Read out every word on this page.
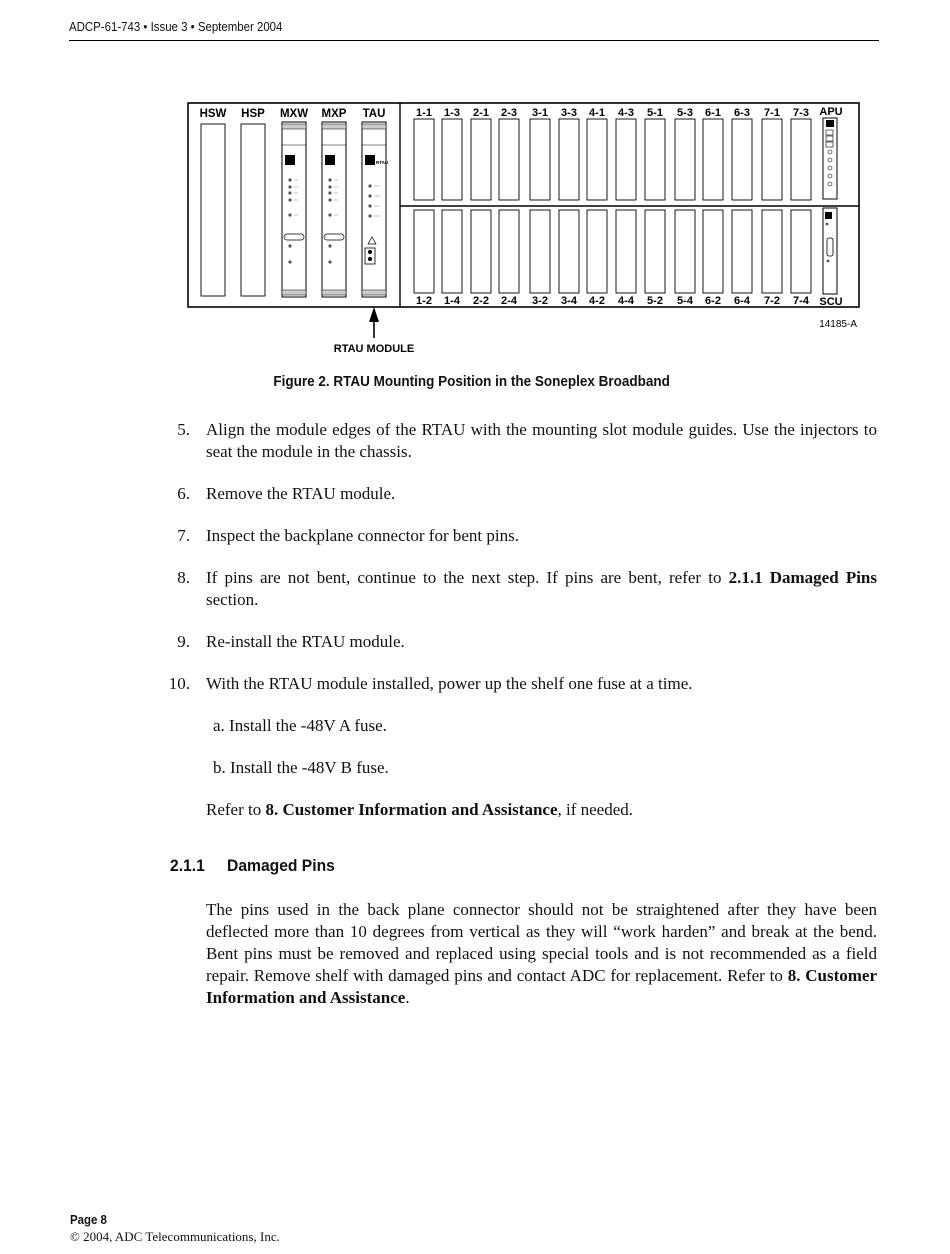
ADCP-61-743 • Issue 3 • September 2004
HSW HSP MXW MXP TAU
RTAU
1-1 1-3 2-1 2-3 3-1 3-3 4-1 4-3 5-1 5-3 6-1 6-3 7-1 7-3
1-2 1-4 2-2 2-4 3-2 3-4 4-2 4-4 5-2 5-4 6-2 6-4 7-2 7-4
APU
SCU
RTAU MODULE
14185-A
Figure 2. RTAU Mounting Position in the Soneplex Broadband
5. Align the module edges of the RTAU with the mounting slot module guides. Use the injectors to seat the module in the chassis.
6. Remove the RTAU module.
7. Inspect the backplane connector for bent pins.
8. If pins are not bent, continue to the next step. If pins are bent, refer to 2.1.1 Damaged Pins section.
9. Re-install the RTAU module.
10. With the RTAU module installed, power up the shelf one fuse at a time.
a. Install the -48V A fuse.
b. Install the -48V B fuse.
Refer to 8. Customer Information and Assistance, if needed.
The pins used in the back plane connector should not be straightened after they have been deflected more than 10 degrees from vertical as they will “work harden” and break at the bend. Bent pins must be removed and replaced using special tools and is not recommended as a field repair. Remove shelf with damaged pins and contact ADC for replacement. Refer to 8. Customer Information and Assistance.
2.1.1 Damaged Pins
Page 8
© 2004, ADC Telecommunications, Inc.
